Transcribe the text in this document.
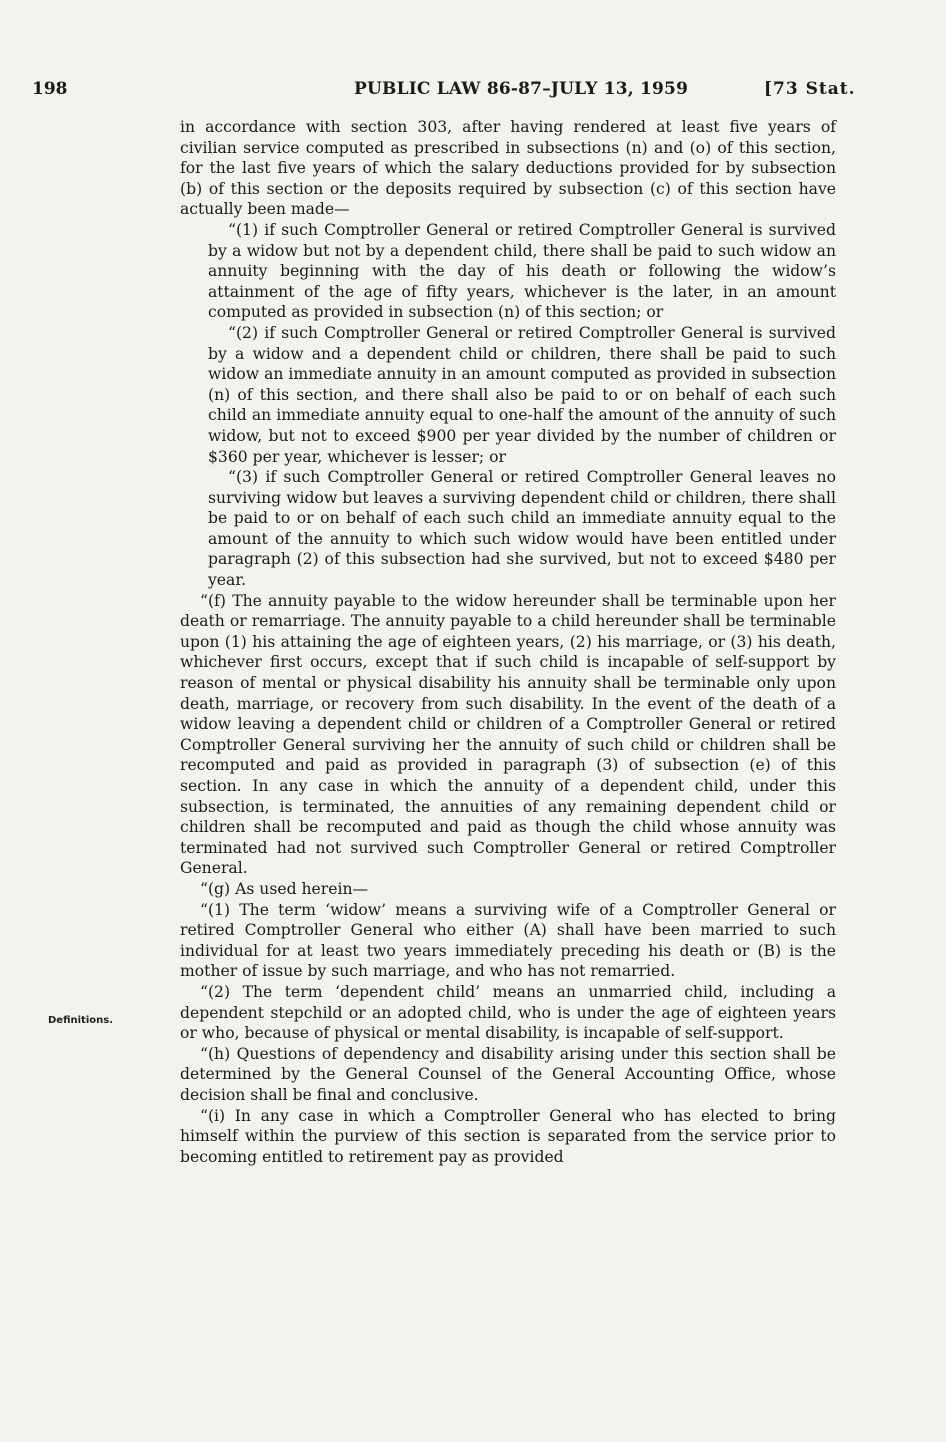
198	PUBLIC LAW 86-87–JULY 13, 1959	[73 Stat.
Definitions.

in accordance with section 303, after having rendered at least five years of civilian service computed as prescribed in subsections (n) and (o) of this section, for the last five years of which the salary deductions provided for by subsection (b) of this section or the deposits required by subsection (c) of this section have actually been made—

“(1) if such Comptroller General or retired Comptroller General is survived by a widow but not by a dependent child, there shall be paid to such widow an annuity beginning with the day of his death or following the widow’s attainment of the age of fifty years, whichever is the later, in an amount computed as provided in subsection (n) of this section; or

“(2) if such Comptroller General or retired Comptroller General is survived by a widow and a dependent child or children, there shall be paid to such widow an immediate annuity in an amount computed as provided in subsection (n) of this section, and there shall also be paid to or on behalf of each such child an immediate annuity equal to one-half the amount of the annuity of such widow, but not to exceed $900 per year divided by the number of children or $360 per year, whichever is lesser; or

“(3) if such Comptroller General or retired Comptroller General leaves no surviving widow but leaves a surviving dependent child or children, there shall be paid to or on behalf of each such child an immediate annuity equal to the amount of the annuity to which such widow would have been entitled under paragraph (2) of this subsection had she survived, but not to exceed $480 per year.

“(f) The annuity payable to the widow hereunder shall be terminable upon her death or remarriage. The annuity payable to a child hereunder shall be terminable upon (1) his attaining the age of eighteen years, (2) his marriage, or (3) his death, whichever first occurs, except that if such child is incapable of self-support by reason of mental or physical disability his annuity shall be terminable only upon death, marriage, or recovery from such disability. In the event of the death of a widow leaving a dependent child or children of a Comptroller General or retired Comptroller General surviving her the annuity of such child or children shall be recomputed and paid as provided in paragraph (3) of subsection (e) of this section. In any case in which the annuity of a dependent child, under this subsection, is terminated, the annuities of any remaining dependent child or children shall be recomputed and paid as though the child whose annuity was terminated had not survived such Comptroller General or retired Comptroller General.

“(g) As used herein—

“(1) The term ‘widow’ means a surviving wife of a Comptroller General or retired Comptroller General who either (A) shall have been married to such individual for at least two years immediately preceding his death or (B) is the mother of issue by such marriage, and who has not remarried.

“(2) The term ‘dependent child’ means an unmarried child, including a dependent stepchild or an adopted child, who is under the age of eighteen years or who, because of physical or mental disability, is incapable of self-support.

“(h) Questions of dependency and disability arising under this section shall be determined by the General Counsel of the General Accounting Office, whose decision shall be final and conclusive.

“(i) In any case in which a Comptroller General who has elected to bring himself within the purview of this section is separated from the service prior to becoming entitled to retirement pay as provided
